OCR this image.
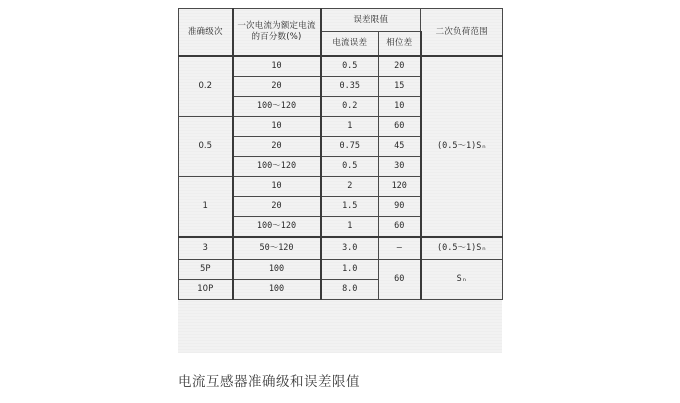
准确级次	一次电流为额定电流的百分数(%)	误差限值		二次负荷范围
		电流误差	相位差	
0.2	10	0.5	20	(0.5～1)Sₙ
	20	0.35	15	
	100～120	0.2	10	
0.5	10	1	60	
	20	0.75	45	
	100～120	0.5	30	
1	10	2	120	
	20	1.5	90	
	100～120	1	60	
3	50～120	3.0	—	(0.5～1)Sₙ
5P	100	1.0	60	Sₙ
10P	100	8.0		
电流互感器准确级和误差限值
